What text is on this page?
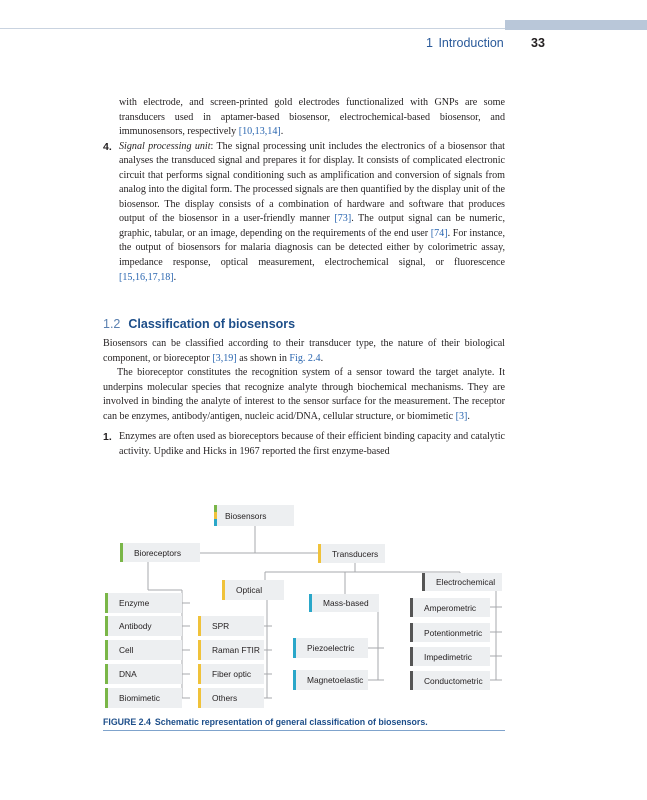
1 Introduction 33
with electrode, and screen-printed gold electrodes functionalized with GNPs are some transducers used in aptamer-based biosensor, electrochemical-based biosensor, and immunosensors, respectively [10,13,14].
4. Signal processing unit: The signal processing unit includes the electronics of a biosensor that analyses the transduced signal and prepares it for display. It consists of complicated electronic circuit that performs signal conditioning such as amplification and conversion of signals from analog into the digital form. The processed signals are then quantified by the display unit of the biosensor. The display consists of a combination of hardware and software that produces output of the biosensor in a user-friendly manner [73]. The output signal can be numeric, graphic, tabular, or an image, depending on the requirements of the end user [74]. For instance, the output of biosensors for malaria diagnosis can be detected either by colorimetric assay, impedance response, optical measurement, electrochemical signal, or fluorescence [15,16,17,18].
1.2 Classification of biosensors
Biosensors can be classified according to their transducer type, the nature of their biological component, or bioreceptor [3,19] as shown in Fig. 2.4.
The bioreceptor constitutes the recognition system of a sensor toward the target analyte. It underpins molecular species that recognize analyte through biochemical mechanisms. They are involved in binding the analyte of interest to the sensor surface for the measurement. The receptor can be enzymes, antibody/antigen, nucleic acid/DNA, cellular structure, or biomimetic [3].
1. Enzymes are often used as bioreceptors because of their efficient binding capacity and catalytic activity. Updike and Hicks in 1967 reported the first enzyme-based
Biosensors
Bioreceptors	Transducers
Enzyme
Antibody
Cell
DNA
Biomimetic
Optical
SPR
Raman FTIR
Fiber optic
Others
Mass-based
Piezoelectric
Magnetoelastic
Electrochemical
Amperometric
Potentionmetric
Impedimetric
Conductometric
FIGURE 2.4 Schematic representation of general classification of biosensors.
